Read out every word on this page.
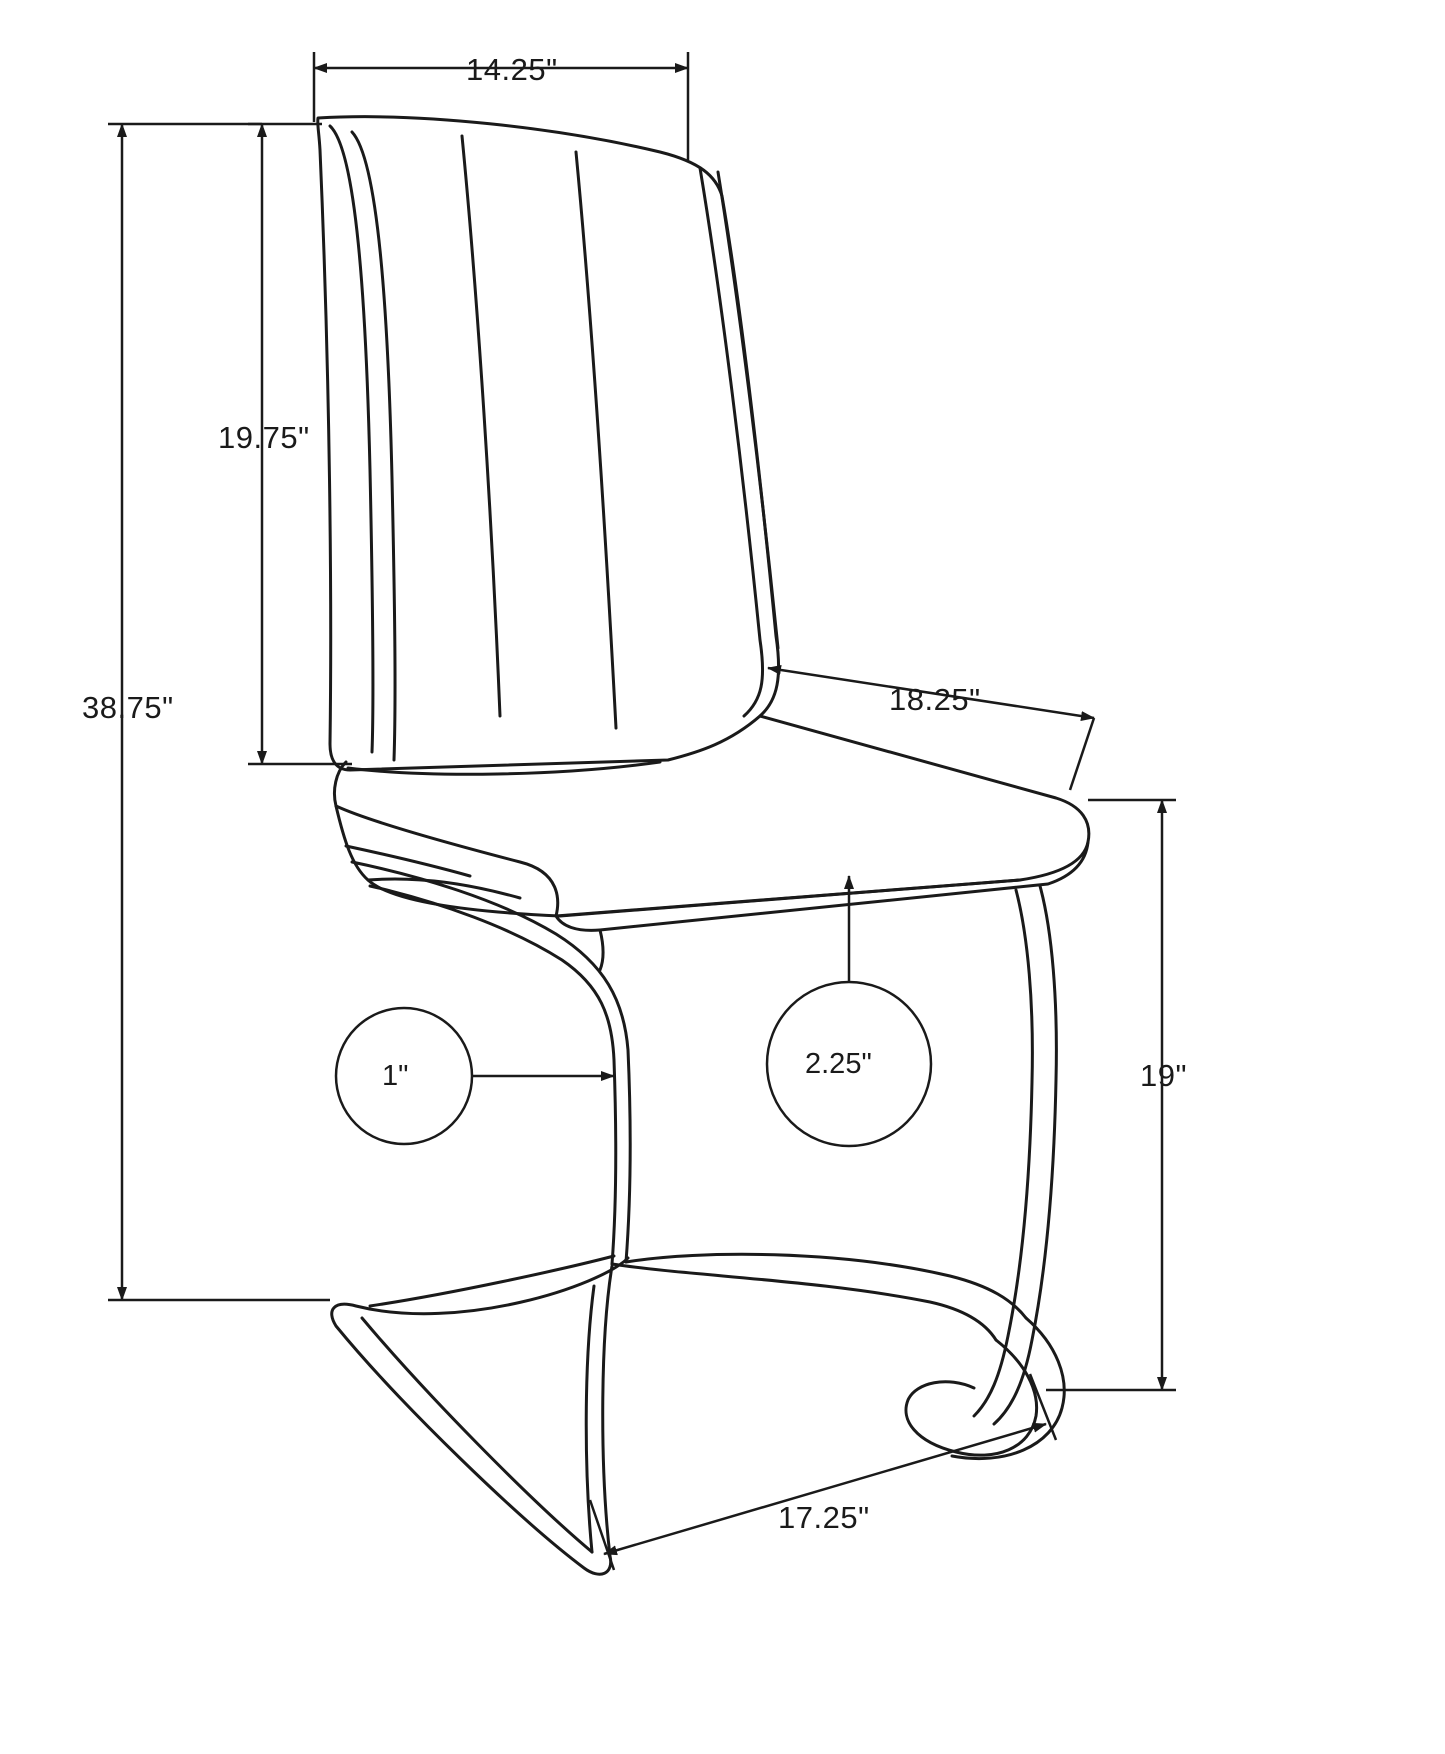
14.25"
19.75"
38.75"	18.25"
19"
17.25"
1"	2.25"
